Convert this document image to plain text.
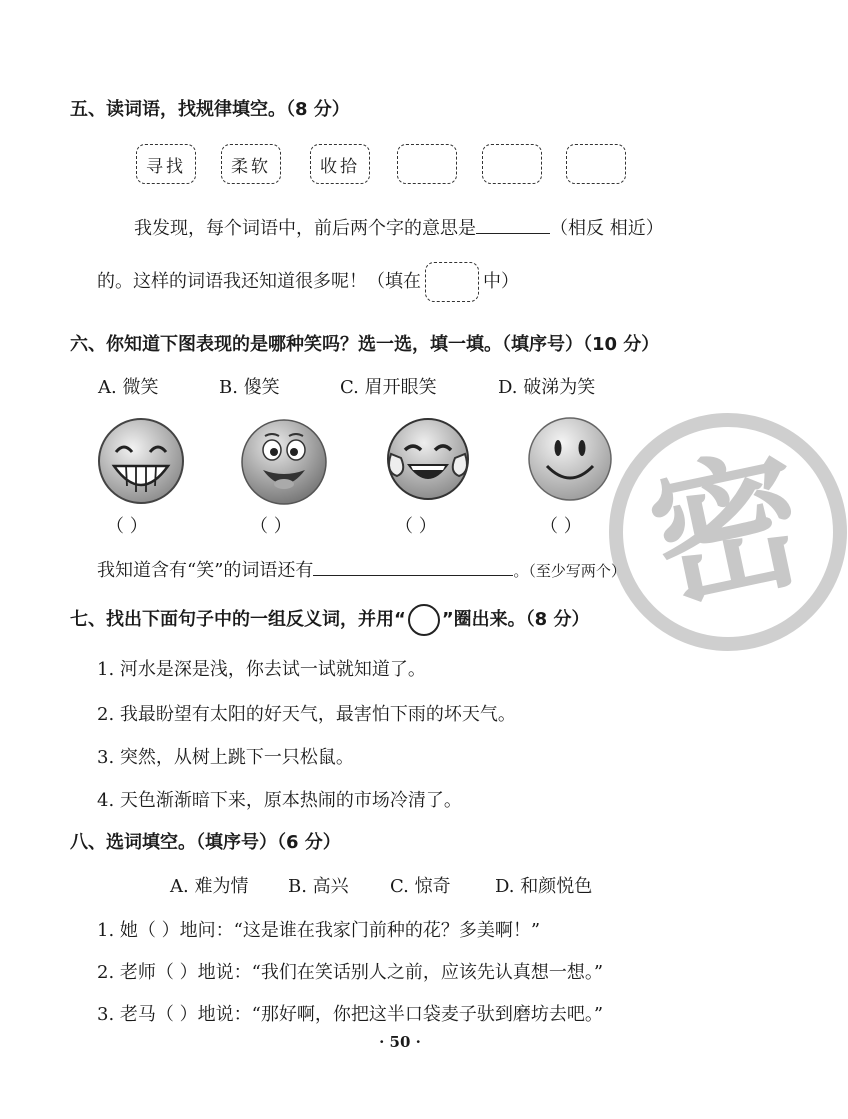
密
五、读词语，找规律填空。（8 分）
寻找	柔软	收拾
我发现，每个词语中，前后两个字的意思是	（相反 相近）
的。这样的词语我还知道很多呢！（填在	中）
六、你知道下图表现的是哪种笑吗？选一选，填一填。（填序号）（10 分）
A. 微笑	B. 傻笑	C. 眉开眼笑	D. 破涕为笑
（ ）	（ ）	（ ）	（ ）
我知道含有“笑”的词语还有	。（至少写两个）
七、找出下面句子中的一组反义词，并用“ ○ ”圈出来。（8 分）
1. 河水是深是浅，你去试一试就知道了。
2. 我最盼望有太阳的好天气，最害怕下雨的坏天气。
3. 突然，从树上跳下一只松鼠。
4. 天色渐渐暗下来，原本热闹的市场冷清了。
八、选词填空。（填序号）（6 分）
A. 难为情 B. 高兴 C. 惊奇 D. 和颜悦色
1. 她（ ）地问：“这是谁在我家门前种的花？多美啊！”
2. 老师（ ）地说：“我们在笑话别人之前，应该先认真想一想。”
3. 老马（ ）地说：“那好啊，你把这半口袋麦子驮到磨坊去吧。”
· 50 ·
